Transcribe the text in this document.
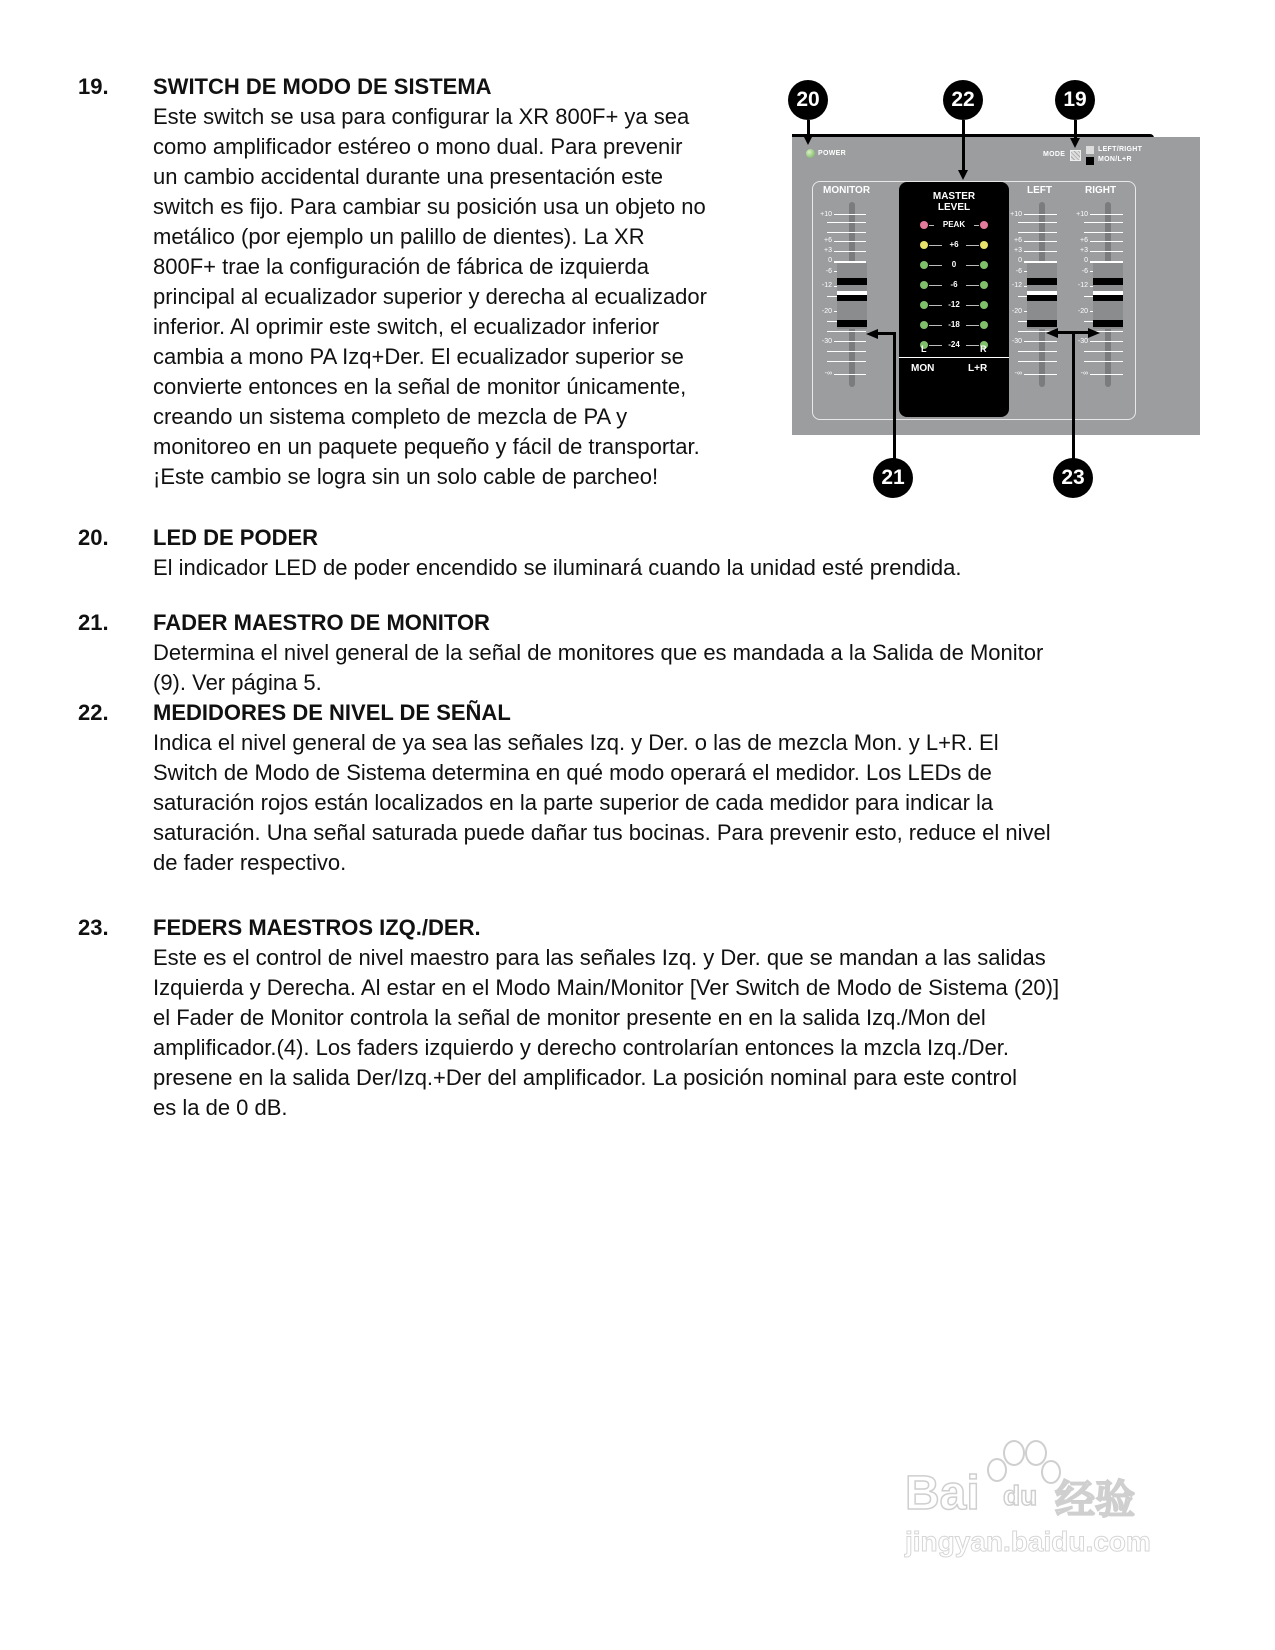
19. SWITCH DE MODO DE SISTEMA
Este switch se usa para configurar la XR 800F+ ya sea
como amplificador estéreo o mono dual. Para prevenir
un cambio accidental durante una presentación este
switch es fijo. Para cambiar su posición usa un objeto no
metálico (por ejemplo un palillo de dientes). La XR
800F+ trae la configuración de fábrica de izquierda
principal al ecualizador superior y derecha al ecualizador
inferior. Al oprimir este switch, el ecualizador inferior
cambia a mono PA Izq+Der. El ecualizador superior se
convierte entonces en la señal de monitor únicamente,
creando un sistema completo de mezcla de PA y
monitoreo en un paquete pequeño y fácil de transportar.
¡Este cambio se logra sin un solo cable de parcheo!
20. LED DE PODER
El indicador LED de poder encendido se iluminará cuando la unidad esté prendida.
21. FADER MAESTRO DE MONITOR
Determina el nivel general de la señal de monitores que es mandada a la Salida de Monitor
(9). Ver página 5.
22. MEDIDORES DE NIVEL DE SEÑAL
Indica el nivel general de ya sea las señales Izq. y Der. o las de mezcla Mon. y L+R. El
Switch de Modo de Sistema determina en qué modo operará el medidor. Los LEDs de
saturación rojos están localizados en la parte superior de cada medidor para indicar la
saturación. Una señal saturada puede dañar tus bocinas. Para prevenir esto, reduce el nivel
de fader respectivo.
23. FEDERS MAESTROS IZQ./DER.
Este es el control de nivel maestro para las señales Izq. y Der. que se mandan a las salidas
Izquierda y Derecha. Al estar en el Modo Main/Monitor [Ver Switch de Modo de Sistema (20)]
el Fader de Monitor controla la señal de monitor presente en en la salida Izq./Mon del
amplificador.(4). Los faders izquierdo y derecho controlarían entonces la mzcla Izq./Der.
presene en la salida Der/Izq.+Der del amplificador. La posición nominal para este control
es la de 0 dB.
POWER	MODE
LEFT/RIGHT
MON/L+R
MONITOR
+10
+6
+3
0
-6
-12
-20
-30
-∞
MASTER
LEVEL
PEAK
+6
0
-6
-12
-18
-24
L	R
MON	L+R
LEFT
+10
+6
+3
0
-6
-12
-20
-30
-∞
RIGHT
+10
+6
+3
0
-6
-12
-20
-30
-∞
20	22	19
21	23
Bai du 经验
jingyan.baidu.com
